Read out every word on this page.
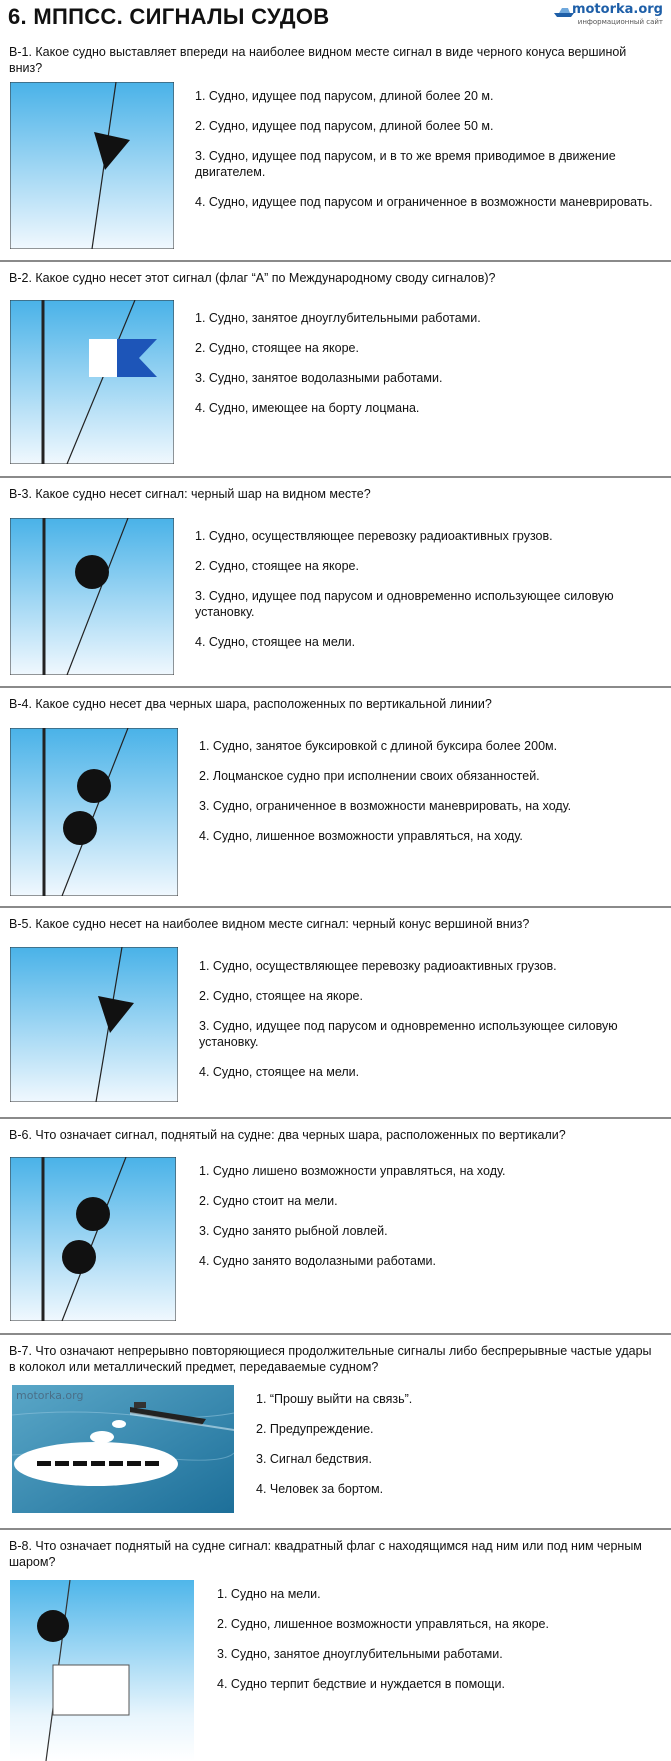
6. МППСС. СИГНАЛЫ СУДОВ	motorka.org
информационный сайт
В-1. Какое судно выставляет впереди на наиболее видном месте сигнал в виде черного конуса вершиной вниз?
1. Судно, идущее под парусом, длиной более 20 м.
2. Судно, идущее под парусом, длиной более 50 м.
3. Судно, идущее под парусом, и в то же время приводимое в движение двигателем.
4. Судно, идущее под парусом и ограниченное в возможности маневрировать.
В-2. Какое судно несет этот сигнал (флаг “А” по Международному своду сигналов)?
1. Судно, занятое дноуглубительными работами.
2. Судно, стоящее на якоре.
3. Судно, занятое водолазными работами.
4. Судно, имеющее на борту лоцмана.
В-3. Какое судно несет сигнал: черный шар на видном месте?
1. Судно, осуществляющее перевозку радиоактивных грузов.
2. Судно, стоящее на якоре.
3. Судно, идущее под парусом и одновременно использующее силовую установку.
4. Судно, стоящее на мели.
В-4. Какое судно несет два черных шара, расположенных по вертикальной линии?
1. Судно, занятое буксировкой с длиной буксира более 200м.
2. Лоцманское судно при исполнении своих обязанностей.
3. Судно, ограниченное в возможности маневрировать, на ходу.
4. Судно, лишенное возможности управляться, на ходу.
В-5. Какое судно несет на наиболее видном месте сигнал: черный конус вершиной вниз?
1. Судно, осуществляющее перевозку радиоактивных грузов.
2. Судно, стоящее на якоре.
3. Судно, идущее под парусом и одновременно использующее силовую установку.
4. Судно, стоящее на мели.
В-6. Что означает сигнал, поднятый на судне: два черных шара, расположенных по вертикали?
1. Судно лишено возможности управляться, на ходу.
2. Судно стоит на мели.
3. Судно занято рыбной ловлей.
4. Судно занято водолазными работами.
В-7. Что означают непрерывно повторяющиеся продолжительные сигналы либо беспрерывные частые удары в колокол или металлический предмет, передаваемые судном?
motorka.org	1. “Прошу выйти на связь”.
2. Предупреждение.
3. Сигнал бедствия.
4. Человек за бортом.
В-8. Что означает поднятый на судне сигнал: квадратный флаг с находящимся над ним или под ним черным шаром?
1. Судно на мели.
2. Судно, лишенное возможности управляться, на якоре.
3. Судно, занятое дноуглубительными работами.
4. Судно терпит бедствие и нуждается в помощи.
